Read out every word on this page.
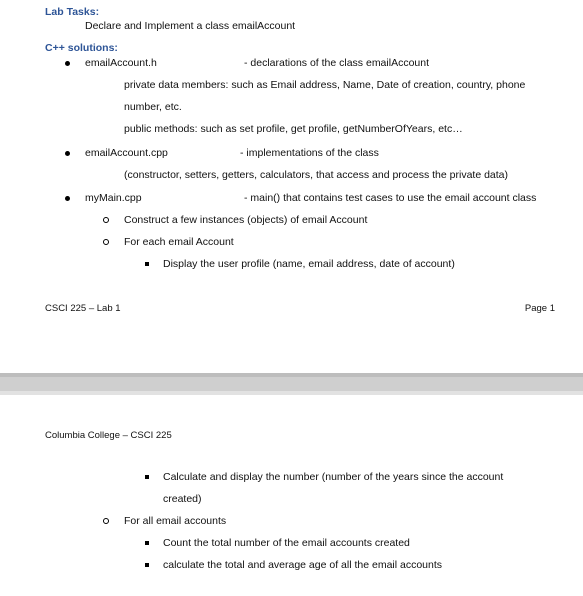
Lab Tasks:
Declare and Implement a class emailAccount
C++ solutions:
emailAccount.h	- declarations of the class emailAccount
private data members: such as Email address, Name, Date of creation, country, phone
number, etc.
public methods: such as set profile, get profile, getNumberOfYears, etc…
emailAccount.cpp	- implementations of the class
(constructor, setters, getters, calculators, that access and process the private data)
myMain.cpp	- main() that contains test cases to use the email account class
Construct a few instances (objects) of email Account
For each email Account
Display the user profile (name, email address, date of account)
CSCI 225 – Lab 1	Page 1
Columbia College – CSCI 225
Calculate and display the number (number of the years since the account
created)
For all email accounts
Count the total number of the email accounts created
calculate the total and average age of all the email accounts
